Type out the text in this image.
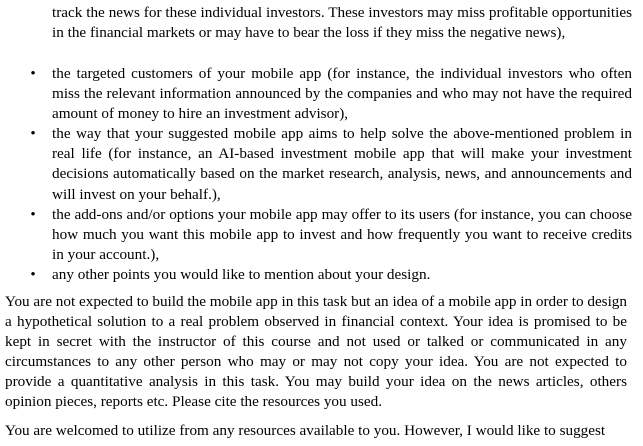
track the news for these individual investors. These investors may miss profitable opportunities in the financial markets or may have to bear the loss if they miss the negative news),

• the targeted customers of your mobile app (for instance, the individual investors who often miss the relevant information announced by the companies and who may not have the required amount of money to hire an investment advisor),
• the way that your suggested mobile app aims to help solve the above-mentioned problem in real life (for instance, an AI-based investment mobile app that will make your investment decisions automatically based on the market research, analysis, news, and announcements and will invest on your behalf.),
• the add-ons and/or options your mobile app may offer to its users (for instance, you can choose how much you want this mobile app to invest and how frequently you want to receive credits in your account.),
• any other points you would like to mention about your design.

You are not expected to build the mobile app in this task but an idea of a mobile app in order to design a hypothetical solution to a real problem observed in financial context. Your idea is promised to be kept in secret with the instructor of this course and not used or talked or communicated in any circumstances to any other person who may or may not copy your idea. You are not expected to provide a quantitative analysis in this task. You may build your idea on the news articles, others opinion pieces, reports etc. Please cite the resources you used.

You are welcomed to utilize from any resources available to you. However, I would like to suggest
